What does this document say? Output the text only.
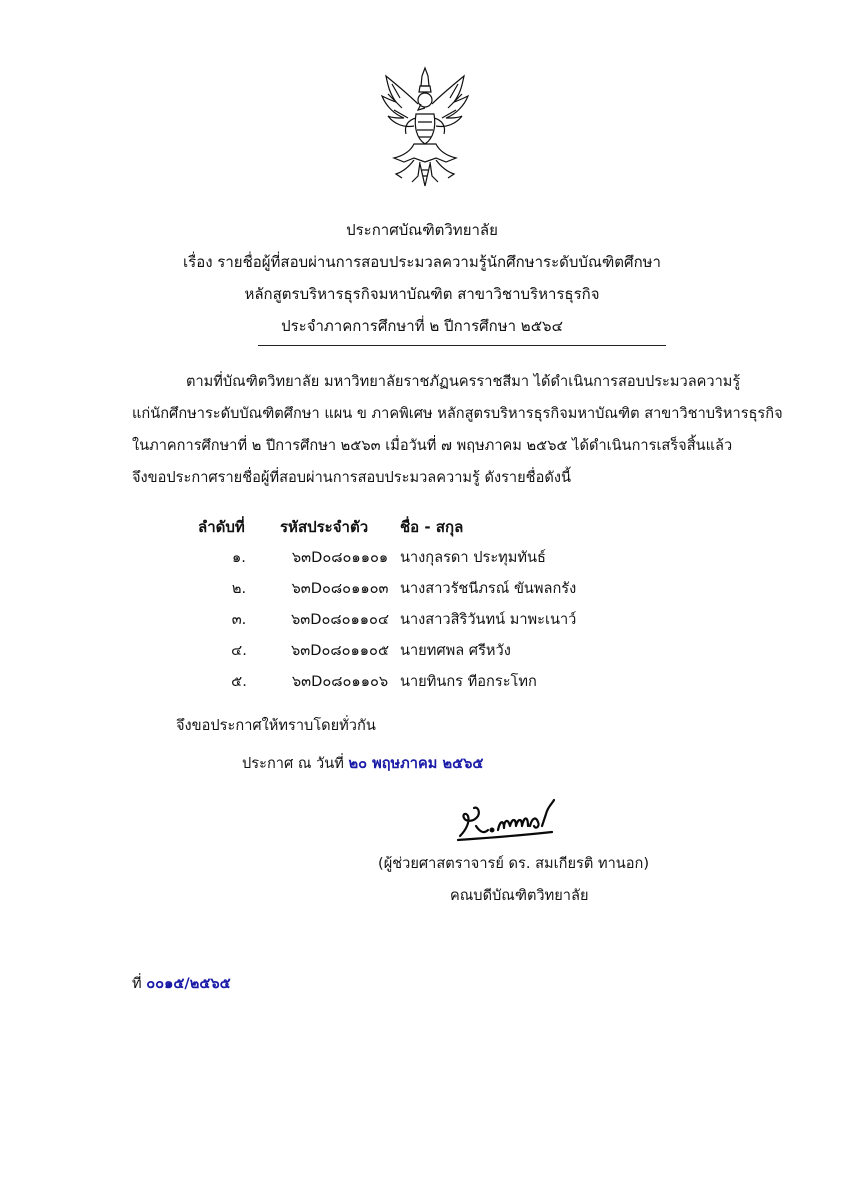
ประกาศบัณฑิตวิทยาลัย
เรื่อง รายชื่อผู้ที่สอบผ่านการสอบประมวลความรู้นักศึกษาระดับบัณฑิตศึกษา
หลักสูตรบริหารธุรกิจมหาบัณฑิต สาขาวิชาบริหารธุรกิจ
ประจำภาคการศึกษาที่ ๒ ปีการศึกษา ๒๕๖๔
ตามที่บัณฑิตวิทยาลัย มหาวิทยาลัยราชภัฏนครราชสีมา ได้ดำเนินการสอบประมวลความรู้
แก่นักศึกษาระดับบัณฑิตศึกษา แผน ข ภาคพิเศษ หลักสูตรบริหารธุรกิจมหาบัณฑิต สาขาวิชาบริหารธุรกิจ
ในภาคการศึกษาที่ ๒ ปีการศึกษา ๒๕๖๓ เมื่อวันที่ ๗ พฤษภาคม ๒๕๖๕ ได้ดำเนินการเสร็จสิ้นแล้ว
จึงขอประกาศรายชื่อผู้ที่สอบผ่านการสอบประมวลความรู้ ดังรายชื่อดังนี้
ลำดับที่	รหัสประจำตัว	ชื่อ - สกุล
๑.	๖๓D๐๘๐๑๑๐๑	นางกุลรดา ประทุมทันธ์
๒.	๖๓D๐๘๐๑๑๐๓	นางสาวรัชนีภรณ์ ขันพลกรัง
๓.	๖๓D๐๘๐๑๑๐๔	นางสาวสิริวันทน์ มาพะเนาว์
๔.	๖๓D๐๘๐๑๑๐๕	นายทศพล ศรีหวัง
๕.	๖๓D๐๘๐๑๑๐๖	นายทินกร ทีอกระโทก
จึงขอประกาศให้ทราบโดยทั่วกัน
ประกาศ ณ วันที่ ๒๐ พฤษภาคม ๒๕๖๕
(ผู้ช่วยศาสตราจารย์ ดร. สมเกียรติ ทานอก)
คณบดีบัณฑิตวิทยาลัย
ที่ ๐๐๑๕/๒๕๖๕
